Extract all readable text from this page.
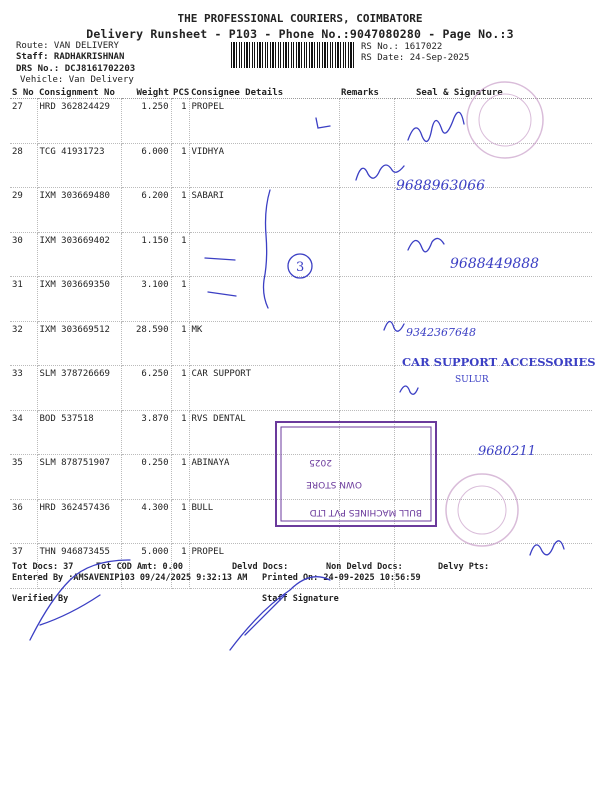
THE PROFESSIONAL COURIERS, COIMBATORE
Delivery Runsheet - P103 - Phone No.:9047080280 - Page No.:3
Route: VAN DELIVERY
Staff: RADHAKRISHNAN
DRS No.: DCJ8161702203
Vehicle: Van Delivery
RS No.: 1617022
RS Date: 24-Sep-2025
S No	Consignment No	Weight	PCS	Consignee Details	Remarks	Seal & Signature
27	HRD 362824429	1.250	1	PROPEL		
28	TCG 41931723	6.000	1	VIDHYA		
29	IXM 303669480	6.200	1	SABARI		
30	IXM 303669402	1.150	1			
31	IXM 303669350	3.100	1			
32	IXM 303669512	28.590	1	MK		
33	SLM 378726669	6.250	1	CAR SUPPORT		
34	BOD 537518	3.870	1	RVS DENTAL		
35	SLM 878751907	0.250	1	ABINAYA		
36	HRD 362457436	4.300	1	BULL		
37	THN 946873455	5.000	1	PROPEL		
Tot Docs: 37	Tot COD Amt: 0.00	Delvd Docs:	Non Delvd Docs:	Delvy Pts:
Entered By :AMSAVENIP103 09/24/2025 9:32:13 AM Printed On: 24-09-2025 10:56:59
Verified By	Staff Signature
3
9688963066
9688449888
9342367648
CAR SUPPORT ACCESSORIES
SULUR
9680211
BULL MACHINES PVT LTD
OWN STORE
2025
